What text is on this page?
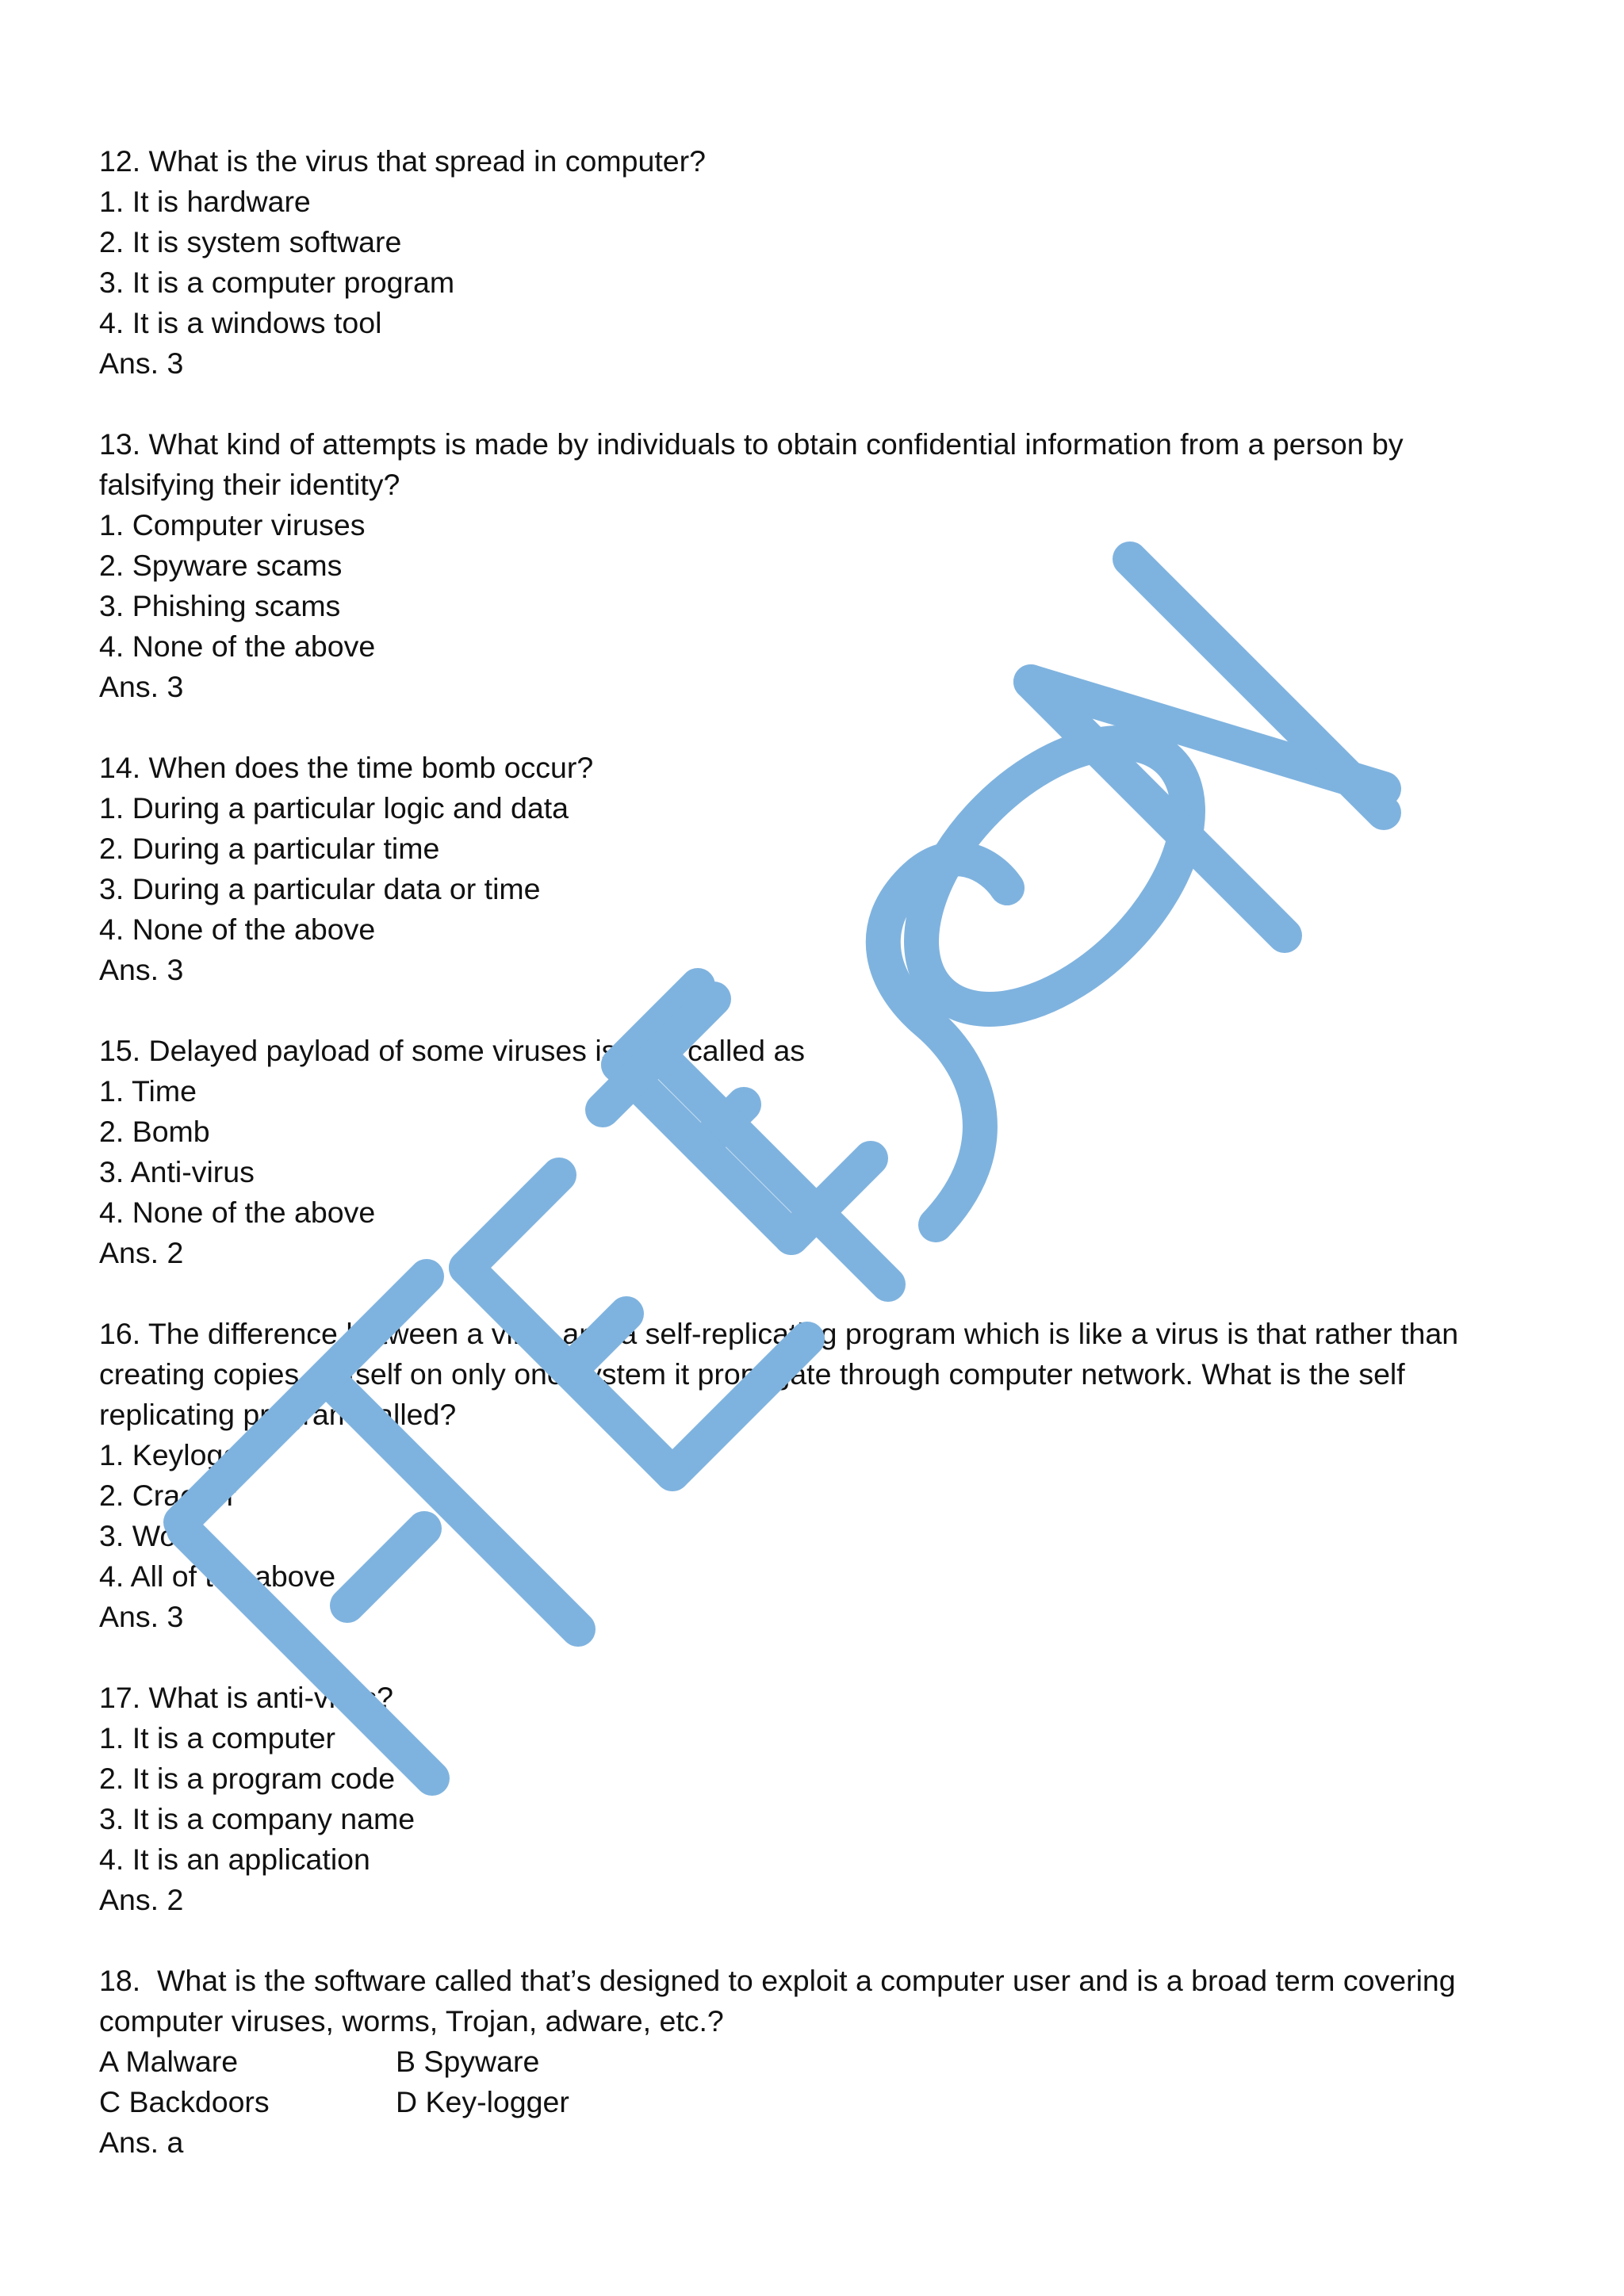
12. What is the virus that spread in computer?
1. It is hardware
2. It is system software
3. It is a computer program
4. It is a windows tool
Ans. 3
13. What kind of attempts is made by individuals to obtain confidential information from a person by falsifying their identity?
1. Computer viruses
2. Spyware scams
3. Phishing scams
4. None of the above
Ans. 3
14. When does the time bomb occur?
1. During a particular logic and data
2. During a particular time
3. During a particular data or time
4. None of the above
Ans. 3
15. Delayed payload of some viruses is also called as
1. Time
2. Bomb
3. Anti-virus
4. None of the above
Ans. 2
16. The difference between a virus and a self-replicating program which is like a virus is that rather than creating copies of itself on only one system it propagate through computer network. What is the self replicating program called?
1. Keylogger
2. Cracker
3. Worm
4. All of the above
Ans. 3
17. What is anti-virus?
1. It is a computer
2. It is a program code
3. It is a company name
4. It is an application
Ans. 2
18.  What is the software called that’s designed to exploit a computer user and is a broad term covering computer viruses, worms, Trojan, adware, etc.?
A Malware	B Spyware
C Backdoors	D Key-logger
Ans. a
